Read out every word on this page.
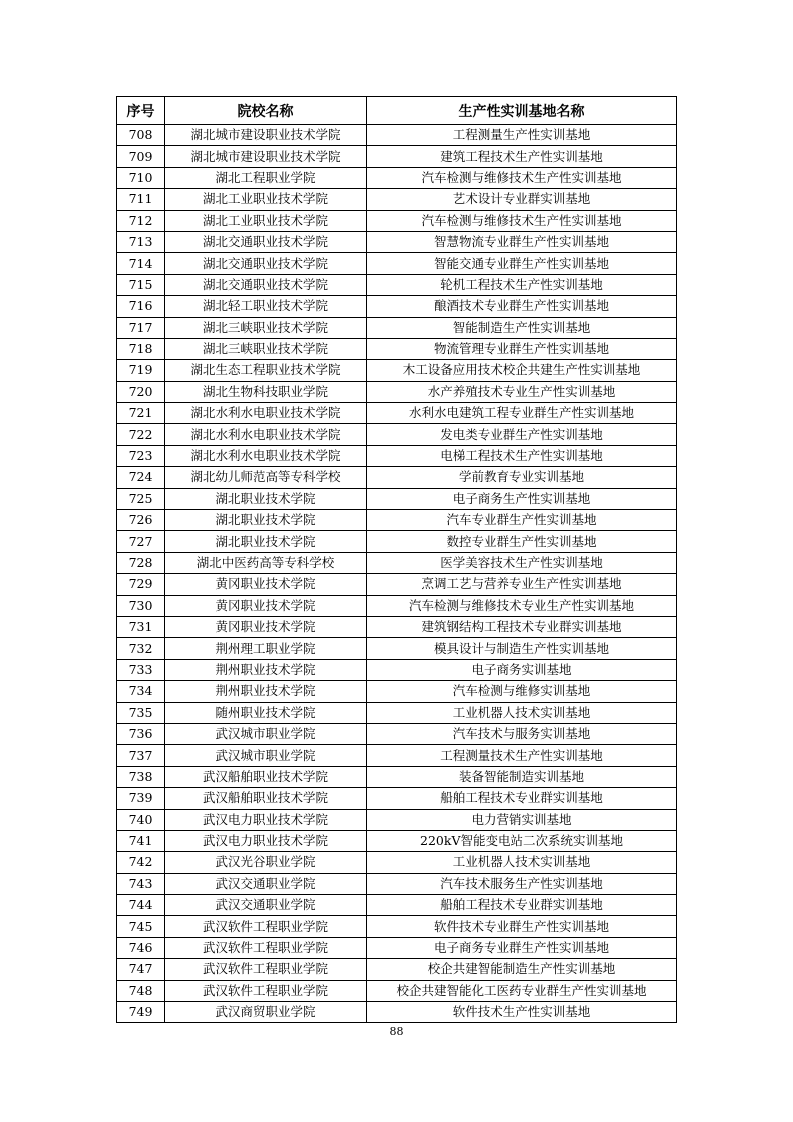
序号	院校名称	生产性实训基地名称
708	湖北城市建设职业技术学院	工程测量生产性实训基地
709	湖北城市建设职业技术学院	建筑工程技术生产性实训基地
710	湖北工程职业学院	汽车检测与维修技术生产性实训基地
711	湖北工业职业技术学院	艺术设计专业群实训基地
712	湖北工业职业技术学院	汽车检测与维修技术生产性实训基地
713	湖北交通职业技术学院	智慧物流专业群生产性实训基地
714	湖北交通职业技术学院	智能交通专业群生产性实训基地
715	湖北交通职业技术学院	轮机工程技术生产性实训基地
716	湖北轻工职业技术学院	酿酒技术专业群生产性实训基地
717	湖北三峡职业技术学院	智能制造生产性实训基地
718	湖北三峡职业技术学院	物流管理专业群生产性实训基地
719	湖北生态工程职业技术学院	木工设备应用技术校企共建生产性实训基地
720	湖北生物科技职业学院	水产养殖技术专业生产性实训基地
721	湖北水利水电职业技术学院	水利水电建筑工程专业群生产性实训基地
722	湖北水利水电职业技术学院	发电类专业群生产性实训基地
723	湖北水利水电职业技术学院	电梯工程技术生产性实训基地
724	湖北幼儿师范高等专科学校	学前教育专业实训基地
725	湖北职业技术学院	电子商务生产性实训基地
726	湖北职业技术学院	汽车专业群生产性实训基地
727	湖北职业技术学院	数控专业群生产性实训基地
728	湖北中医药高等专科学校	医学美容技术生产性实训基地
729	黄冈职业技术学院	烹调工艺与营养专业生产性实训基地
730	黄冈职业技术学院	汽车检测与维修技术专业生产性实训基地
731	黄冈职业技术学院	建筑钢结构工程技术专业群实训基地
732	荆州理工职业学院	模具设计与制造生产性实训基地
733	荆州职业技术学院	电子商务实训基地
734	荆州职业技术学院	汽车检测与维修实训基地
735	随州职业技术学院	工业机器人技术实训基地
736	武汉城市职业学院	汽车技术与服务实训基地
737	武汉城市职业学院	工程测量技术生产性实训基地
738	武汉船舶职业技术学院	装备智能制造实训基地
739	武汉船舶职业技术学院	船舶工程技术专业群实训基地
740	武汉电力职业技术学院	电力营销实训基地
741	武汉电力职业技术学院	220kV智能变电站二次系统实训基地
742	武汉光谷职业学院	工业机器人技术实训基地
743	武汉交通职业学院	汽车技术服务生产性实训基地
744	武汉交通职业学院	船舶工程技术专业群实训基地
745	武汉软件工程职业学院	软件技术专业群生产性实训基地
746	武汉软件工程职业学院	电子商务专业群生产性实训基地
747	武汉软件工程职业学院	校企共建智能制造生产性实训基地
748	武汉软件工程职业学院	校企共建智能化工医药专业群生产性实训基地
749	武汉商贸职业学院	软件技术生产性实训基地
88
